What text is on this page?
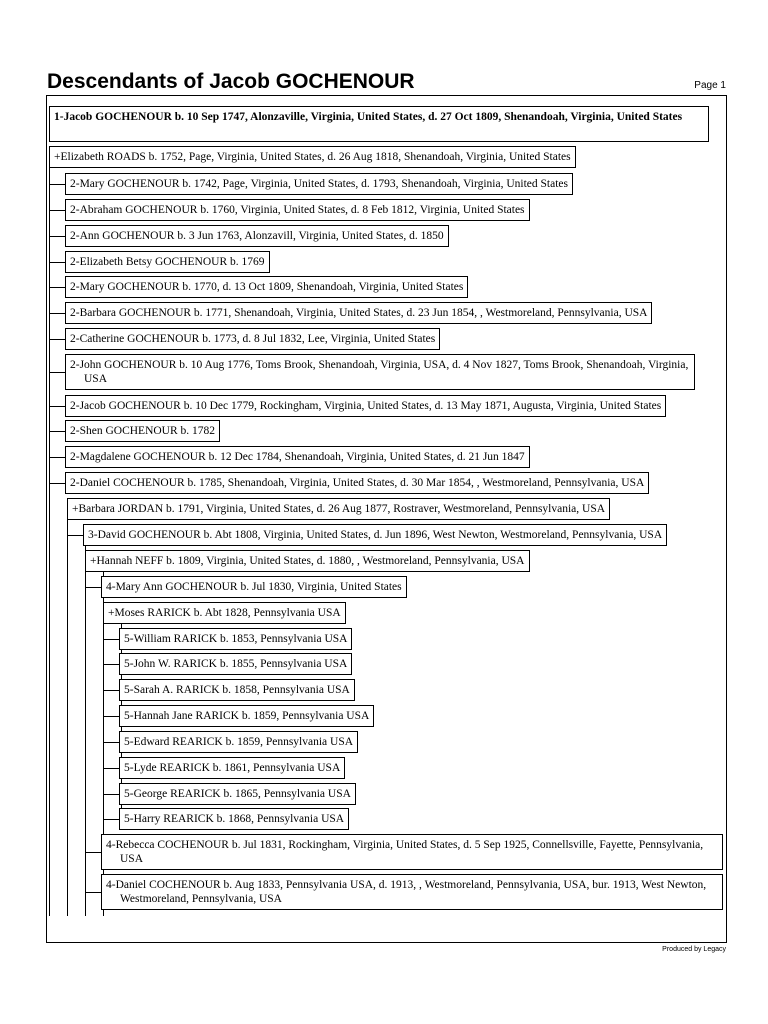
Descendants of Jacob GOCHENOUR	Page 1
1-Jacob GOCHENOUR b. 10 Sep 1747, Alonzaville, Virginia, United States, d. 27 Oct 1809, Shenandoah, Virginia, United States
+Elizabeth ROADS b. 1752, Page, Virginia, United States, d. 26 Aug 1818, Shenandoah, Virginia, United States
2-Mary GOCHENOUR b. 1742, Page, Virginia, United States, d. 1793, Shenandoah, Virginia, United States
2-Abraham GOCHENOUR b. 1760, Virginia, United States, d. 8 Feb 1812, Virginia, United States
2-Ann GOCHENOUR b. 3 Jun 1763, Alonzavill, Virginia, United States, d. 1850
2-Elizabeth Betsy GOCHENOUR b. 1769
2-Mary GOCHENOUR b. 1770, d. 13 Oct 1809, Shenandoah, Virginia, United States
2-Barbara GOCHENOUR b. 1771, Shenandoah, Virginia, United States, d. 23 Jun 1854, , Westmoreland, Pennsylvania, USA
2-Catherine GOCHENOUR b. 1773, d. 8 Jul 1832, Lee, Virginia, United States
2-John GOCHENOUR b. 10 Aug 1776, Toms Brook, Shenandoah, Virginia, USA, d. 4 Nov 1827, Toms Brook, Shenandoah, Virginia, USA
2-Jacob GOCHENOUR b. 10 Dec 1779, Rockingham, Virginia, United States, d. 13 May 1871, Augusta, Virginia, United States
2-Shen GOCHENOUR b. 1782
2-Magdalene GOCHENOUR b. 12 Dec 1784, Shenandoah, Virginia, United States, d. 21 Jun 1847
2-Daniel COCHENOUR b. 1785, Shenandoah, Virginia, United States, d. 30 Mar 1854, , Westmoreland, Pennsylvania, USA
+Barbara JORDAN b. 1791, Virginia, United States, d. 26 Aug 1877, Rostraver, Westmoreland, Pennsylvania, USA
3-David GOCHENOUR b. Abt 1808, Virginia, United States, d. Jun 1896, West Newton, Westmoreland, Pennsylvania, USA
+Hannah NEFF b. 1809, Virginia, United States, d. 1880, , Westmoreland, Pennsylvania, USA
4-Mary Ann GOCHENOUR b. Jul 1830, Virginia, United States
+Moses RARICK b. Abt 1828, Pennsylvania USA
5-William RARICK b. 1853, Pennsylvania USA
5-John W. RARICK b. 1855, Pennsylvania USA
5-Sarah A. RARICK b. 1858, Pennsylvania USA
5-Hannah Jane RARICK b. 1859, Pennsylvania USA
5-Edward REARICK b. 1859, Pennsylvania USA
5-Lyde REARICK b. 1861, Pennsylvania USA
5-George REARICK b. 1865, Pennsylvania USA
5-Harry REARICK b. 1868, Pennsylvania USA
4-Rebecca COCHENOUR b. Jul 1831, Rockingham, Virginia, United States, d. 5 Sep 1925, Connellsville, Fayette, Pennsylvania, USA
4-Daniel COCHENOUR b. Aug 1833, Pennsylvania USA, d. 1913, , Westmoreland, Pennsylvania, USA, bur. 1913, West Newton, Westmoreland, Pennsylvania, USA
Produced by Legacy
